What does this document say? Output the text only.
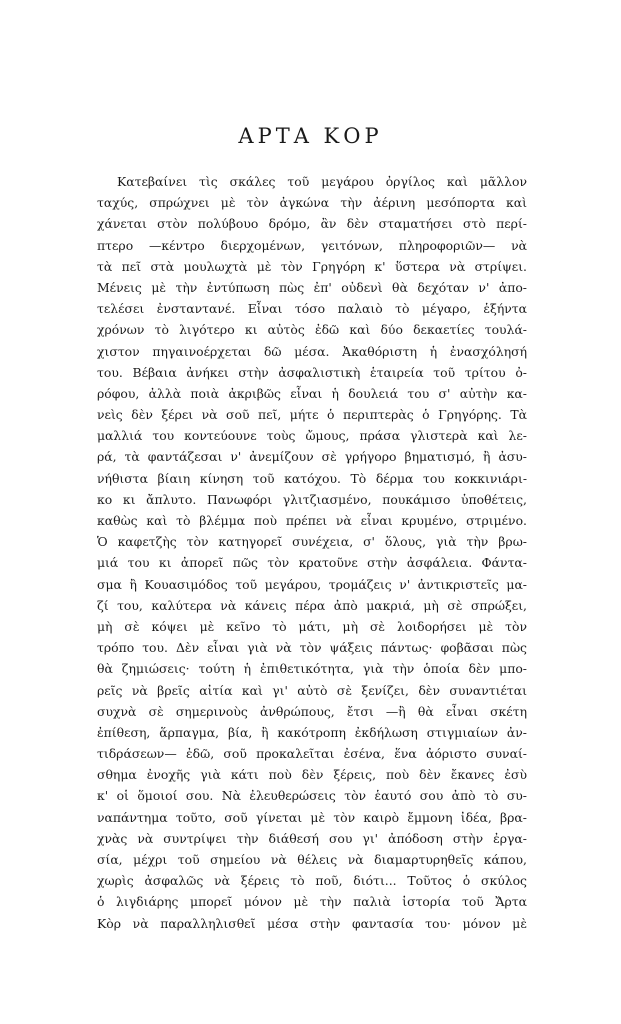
ΑΡΤΑ ΚΟΡ
Κατεβαίνει τὶς σκάλες τοῦ μεγάρου ὀργίλος καὶ μᾶλλον
ταχύς, σπρώχνει μὲ τὸν ἀγκώνα τὴν ἀέρινη μεσόπορτα καὶ
χάνεται στὸν πολύβουο δρόμο, ἂν δὲν σταματήσει στὸ περί-
πτερο —κέντρο διερχομένων, γειτόνων, πληροφοριῶν— νὰ
τὰ πεῖ στὰ μουλωχτὰ μὲ τὸν Γρηγόρη κ' ὕστερα νὰ στρίψει.
Μένεις μὲ τὴν ἐντύπωση πὼς ἐπ' οὐδενὶ θὰ δεχόταν ν' ἀπο-
τελέσει ἐνσταντανέ. Εἶναι τόσο παλαιὸ τὸ μέγαρο, ἑξήντα
χρόνων τὸ λιγότερο κι αὐτὸς ἐδῶ καὶ δύο δεκαετίες τουλά-
χιστον πηγαινοέρχεται δῶ μέσα. Ἀκαθόριστη ἡ ἐνασχόλησή
του. Βέβαια ἀνήκει στὴν ἀσφαλιστικὴ ἑταιρεία τοῦ τρίτου ὀ-
ρόφου, ἀλλὰ ποιὰ ἀκριβῶς εἶναι ἡ δουλειά του σ' αὐτὴν κα-
νεὶς δὲν ξέρει νὰ σοῦ πεῖ, μήτε ὁ περιπτερὰς ὁ Γρηγόρης. Τὰ
μαλλιά του κοντεύουνε τοὺς ὤμους, πράσα γλιστερὰ καὶ λε-
ρά, τὰ φαντάζεσαι ν' ἀνεμίζουν σὲ γρήγορο βηματισμό, ἢ ἀσυ-
νήθιστα βίαιη κίνηση τοῦ κατόχου. Τὸ δέρμα του κοκκινιάρι-
κο κι ἄπλυτο. Πανωφόρι γλιτζιασμένο, πουκάμισο ὑποθέτεις,
καθὼς καὶ τὸ βλέμμα ποὺ πρέπει νὰ εἶναι κρυμένο, στριμένο.
Ὁ καφετζὴς τὸν κατηγορεῖ συνέχεια, σ' ὅλους, γιὰ τὴν βρω-
μιά του κι ἀπορεῖ πῶς τὸν κρατοῦνε στὴν ἀσφάλεια. Φάντα-
σμα ἢ Κουασιμόδος τοῦ μεγάρου, τρομάζεις ν' ἀντικριστεῖς μα-
ζί του, καλύτερα νὰ κάνεις πέρα ἀπὸ μακριά, μὴ σὲ σπρώξει,
μὴ σὲ κόψει μὲ κεῖνο τὸ μάτι, μὴ σὲ λοιδορήσει μὲ τὸν
τρόπο του. Δὲν εἶναι γιὰ νὰ τὸν ψάξεις πάντως· φοβᾶσαι πὼς
θὰ ζημιώσεις· τούτη ἡ ἐπιθετικότητα, γιὰ τὴν ὁποία δὲν μπο-
ρεῖς νὰ βρεῖς αἰτία καὶ γι' αὐτὸ σὲ ξενίζει, δὲν συναντιέται
συχνὰ σὲ σημερινοὺς ἀνθρώπους, ἔτσι —ἢ θὰ εἶναι σκέτη
ἐπίθεση, ἅρπαγμα, βία, ἢ κακότροπη ἐκδήλωση στιγμιαίων ἀν-
τιδράσεων— ἐδῶ, σοῦ προκαλεῖται ἐσένα, ἕνα ἀόριστο συναί-
σθημα ἐνοχῆς γιὰ κάτι ποὺ δὲν ξέρεις, ποὺ δὲν ἔκανες ἐσὺ
κ' οἱ ὅμοιοί σου. Νὰ ἐλευθερώσεις τὸν ἑαυτό σου ἀπὸ τὸ συ-
ναπάντημα τοῦτο, σοῦ γίνεται μὲ τὸν καιρὸ ἔμμονη ἰδέα, βρα-
χνὰς νὰ συντρίψει τὴν διάθεσή σου γι' ἀπόδοση στὴν ἐργα-
σία, μέχρι τοῦ σημείου νὰ θέλεις νὰ διαμαρτυρηθεῖς κάπου,
χωρὶς ἀσφαλῶς νὰ ξέρεις τὸ ποῦ, διότι... Τοῦτος ὁ σκύλος
ὁ λιγδιάρης μπορεῖ μόνον μὲ τὴν παλιὰ ἱστορία τοῦ Ἄρτα
Κὸρ νὰ παραλληλισθεῖ μέσα στὴν φαντασία του· μόνον μὲ
